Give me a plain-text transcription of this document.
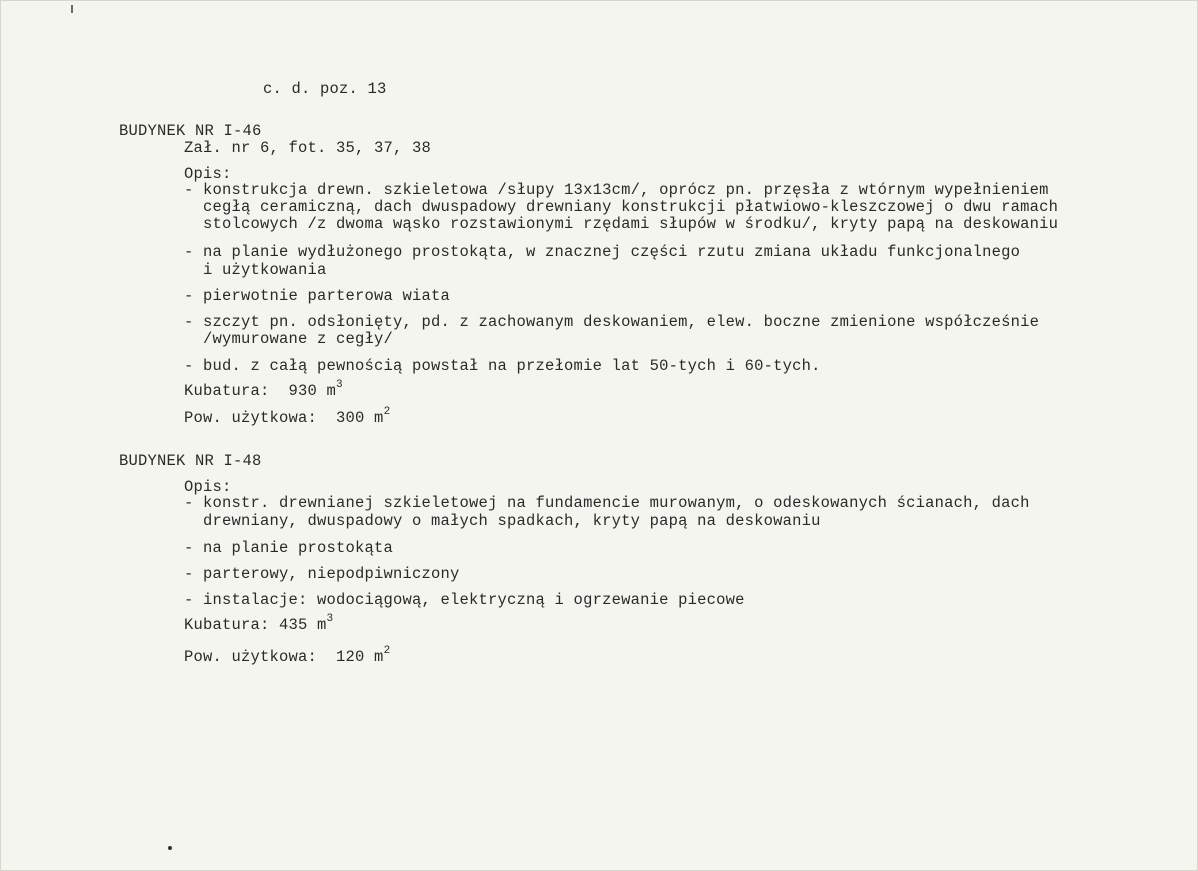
c. d. poz. 13
BUDYNEK NR I-46
Zał. nr 6, fot. 35, 37, 38
Opis:
- konstrukcja drewn. szkieletowa /słupy 13x13cm/, oprócz pn. przęsła z wtórnym wypełnieniem
cegłą ceramiczną, dach dwuspadowy drewniany konstrukcji płatwiowo-kleszczowej o dwu ramach
stolcowych /z dwoma wąsko rozstawionymi rzędami słupów w środku/, kryty papą na deskowaniu
- na planie wydłużonego prostokąta, w znacznej części rzutu zmiana układu funkcjonalnego
i użytkowania
- pierwotnie parterowa wiata
- szczyt pn. odsłonięty, pd. z zachowanym deskowaniem, elew. boczne zmienione współcześnie
/wymurowane z cegły/
- bud. z całą pewnością powstał na przełomie lat 50-tych i 60-tych.
Kubatura: 930 $m^3$
Pow. użytkowa: 300 $m^2$
BUDYNEK NR I-48
Opis:
- konstr. drewnianej szkieletowej na fundamencie murowanym, o odeskowanych ścianach, dach
drewniany, dwuspadowy o małych spadkach, kryty papą na deskowaniu
- na planie prostokąta
- parterowy, niepodpiwniczony
- instalacje: wodociągową, elektryczną i ogrzewanie piecowe
Kubatura: 435 $m^3$
Pow. użytkowa: 120 $m^2$
